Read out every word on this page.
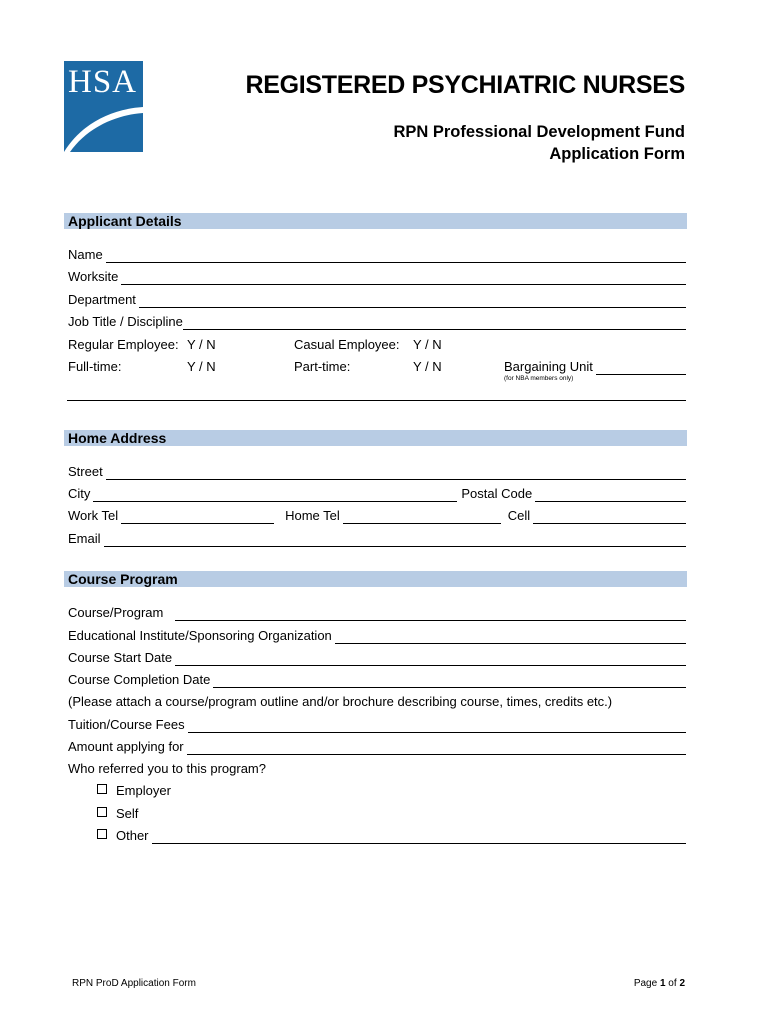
HSA	REGISTERED PSYCHIATRIC NURSES
RPN Professional Development Fund
Application Form
Applicant Details
Name
Worksite
Department
Job Title / Discipline
Regular Employee: Y / N	Casual Employee: Y / N
Full-time:	Y / N	Part-time:	Y / N	Bargaining Unit
(for NBA members only)
Home Address
Street
City	Postal Code
Work Tel	Home Tel	Cell
Email
Course Program
Course/Program
Educational Institute/Sponsoring Organization
Course Start Date
Course Completion Date
(Please attach a course/program outline and/or brochure describing course, times, credits etc.)
Tuition/Course Fees
Amount applying for
Who referred you to this program?
Employer
Self
Other
RPN ProD Application Form	Page 1 of 2
